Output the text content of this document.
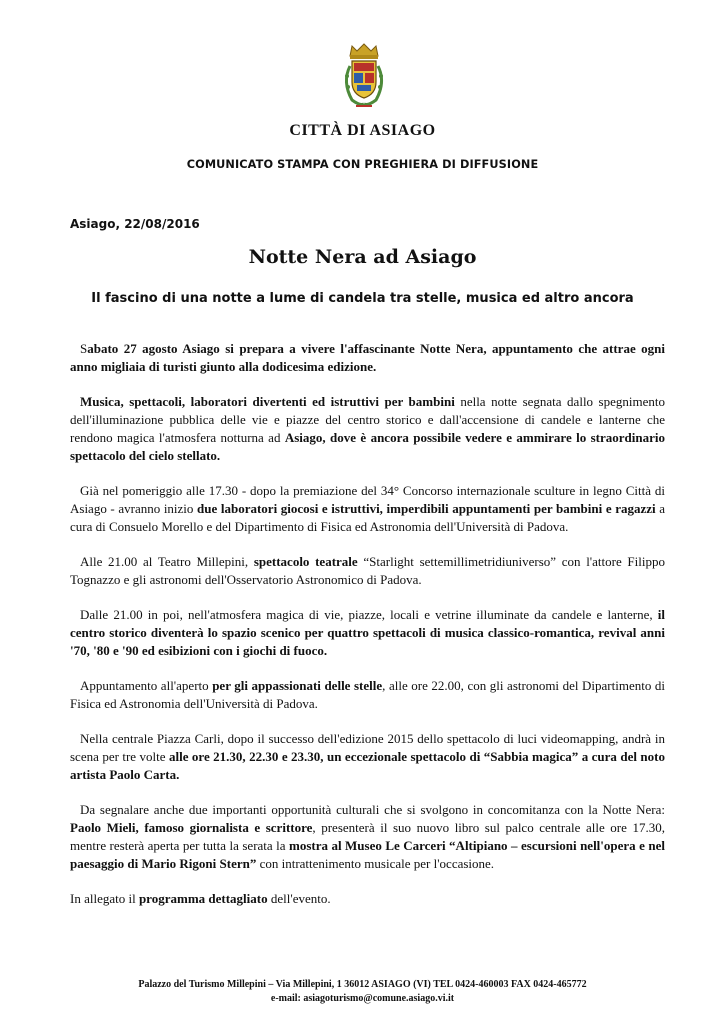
CITTÀ DI ASIAGO
COMUNICATO STAMPA CON PREGHIERA DI DIFFUSIONE
Asiago, 22/08/2016
Notte Nera ad Asiago
Il fascino di una notte a lume di candela tra stelle, musica ed altro ancora

Sabato 27 agosto Asiago si prepara a vivere l'affascinante Notte Nera, appuntamento che attrae ogni anno migliaia di turisti giunto alla dodicesima edizione.

Musica, spettacoli, laboratori divertenti ed istruttivi per bambini nella notte segnata dallo spegnimento dell'illuminazione pubblica delle vie e piazze del centro storico e dall'accensione di candele e lanterne che rendono magica l'atmosfera notturna ad Asiago, dove è ancora possibile vedere e ammirare lo straordinario spettacolo del cielo stellato.

Già nel pomeriggio alle 17.30 - dopo la premiazione del 34° Concorso internazionale sculture in legno Città di Asiago - avranno inizio due laboratori giocosi e istruttivi, imperdibili appuntamenti per bambini e ragazzi a cura di Consuelo Morello e del Dipartimento di Fisica ed Astronomia dell'Università di Padova.

Alle 21.00 al Teatro Millepini, spettacolo teatrale “Starlight settemillimetridiuniverso” con l'attore Filippo Tognazzo e gli astronomi dell'Osservatorio Astronomico di Padova.

Dalle 21.00 in poi, nell'atmosfera magica di vie, piazze, locali e vetrine illuminate da candele e lanterne, il centro storico diventerà lo spazio scenico per quattro spettacoli di musica classico-romantica, revival anni '70, '80 e '90 ed esibizioni con i giochi di fuoco.

Appuntamento all'aperto per gli appassionati delle stelle, alle ore 22.00, con gli astronomi del Dipartimento di Fisica ed Astronomia dell'Università di Padova.

Nella centrale Piazza Carli, dopo il successo dell'edizione 2015 dello spettacolo di luci videomapping, andrà in scena per tre volte alle ore 21.30, 22.30 e 23.30, un eccezionale spettacolo di “Sabbia magica” a cura del noto artista Paolo Carta.

Da segnalare anche due importanti opportunità culturali che si svolgono in concomitanza con la Notte Nera: Paolo Mieli, famoso giornalista e scrittore, presenterà il suo nuovo libro sul palco centrale alle ore 17.30, mentre resterà aperta per tutta la serata la mostra al Museo Le Carceri “Altipiano – escursioni nell'opera e nel paesaggio di Mario Rigoni Stern” con intrattenimento musicale per l'occasione.

In allegato il programma dettagliato dell'evento.

Palazzo del Turismo Millepini – Via Millepini, 1 36012 ASIAGO (VI) TEL 0424-460003 FAX 0424-465772
e-mail: asiagoturismo@comune.asiago.vi.it
